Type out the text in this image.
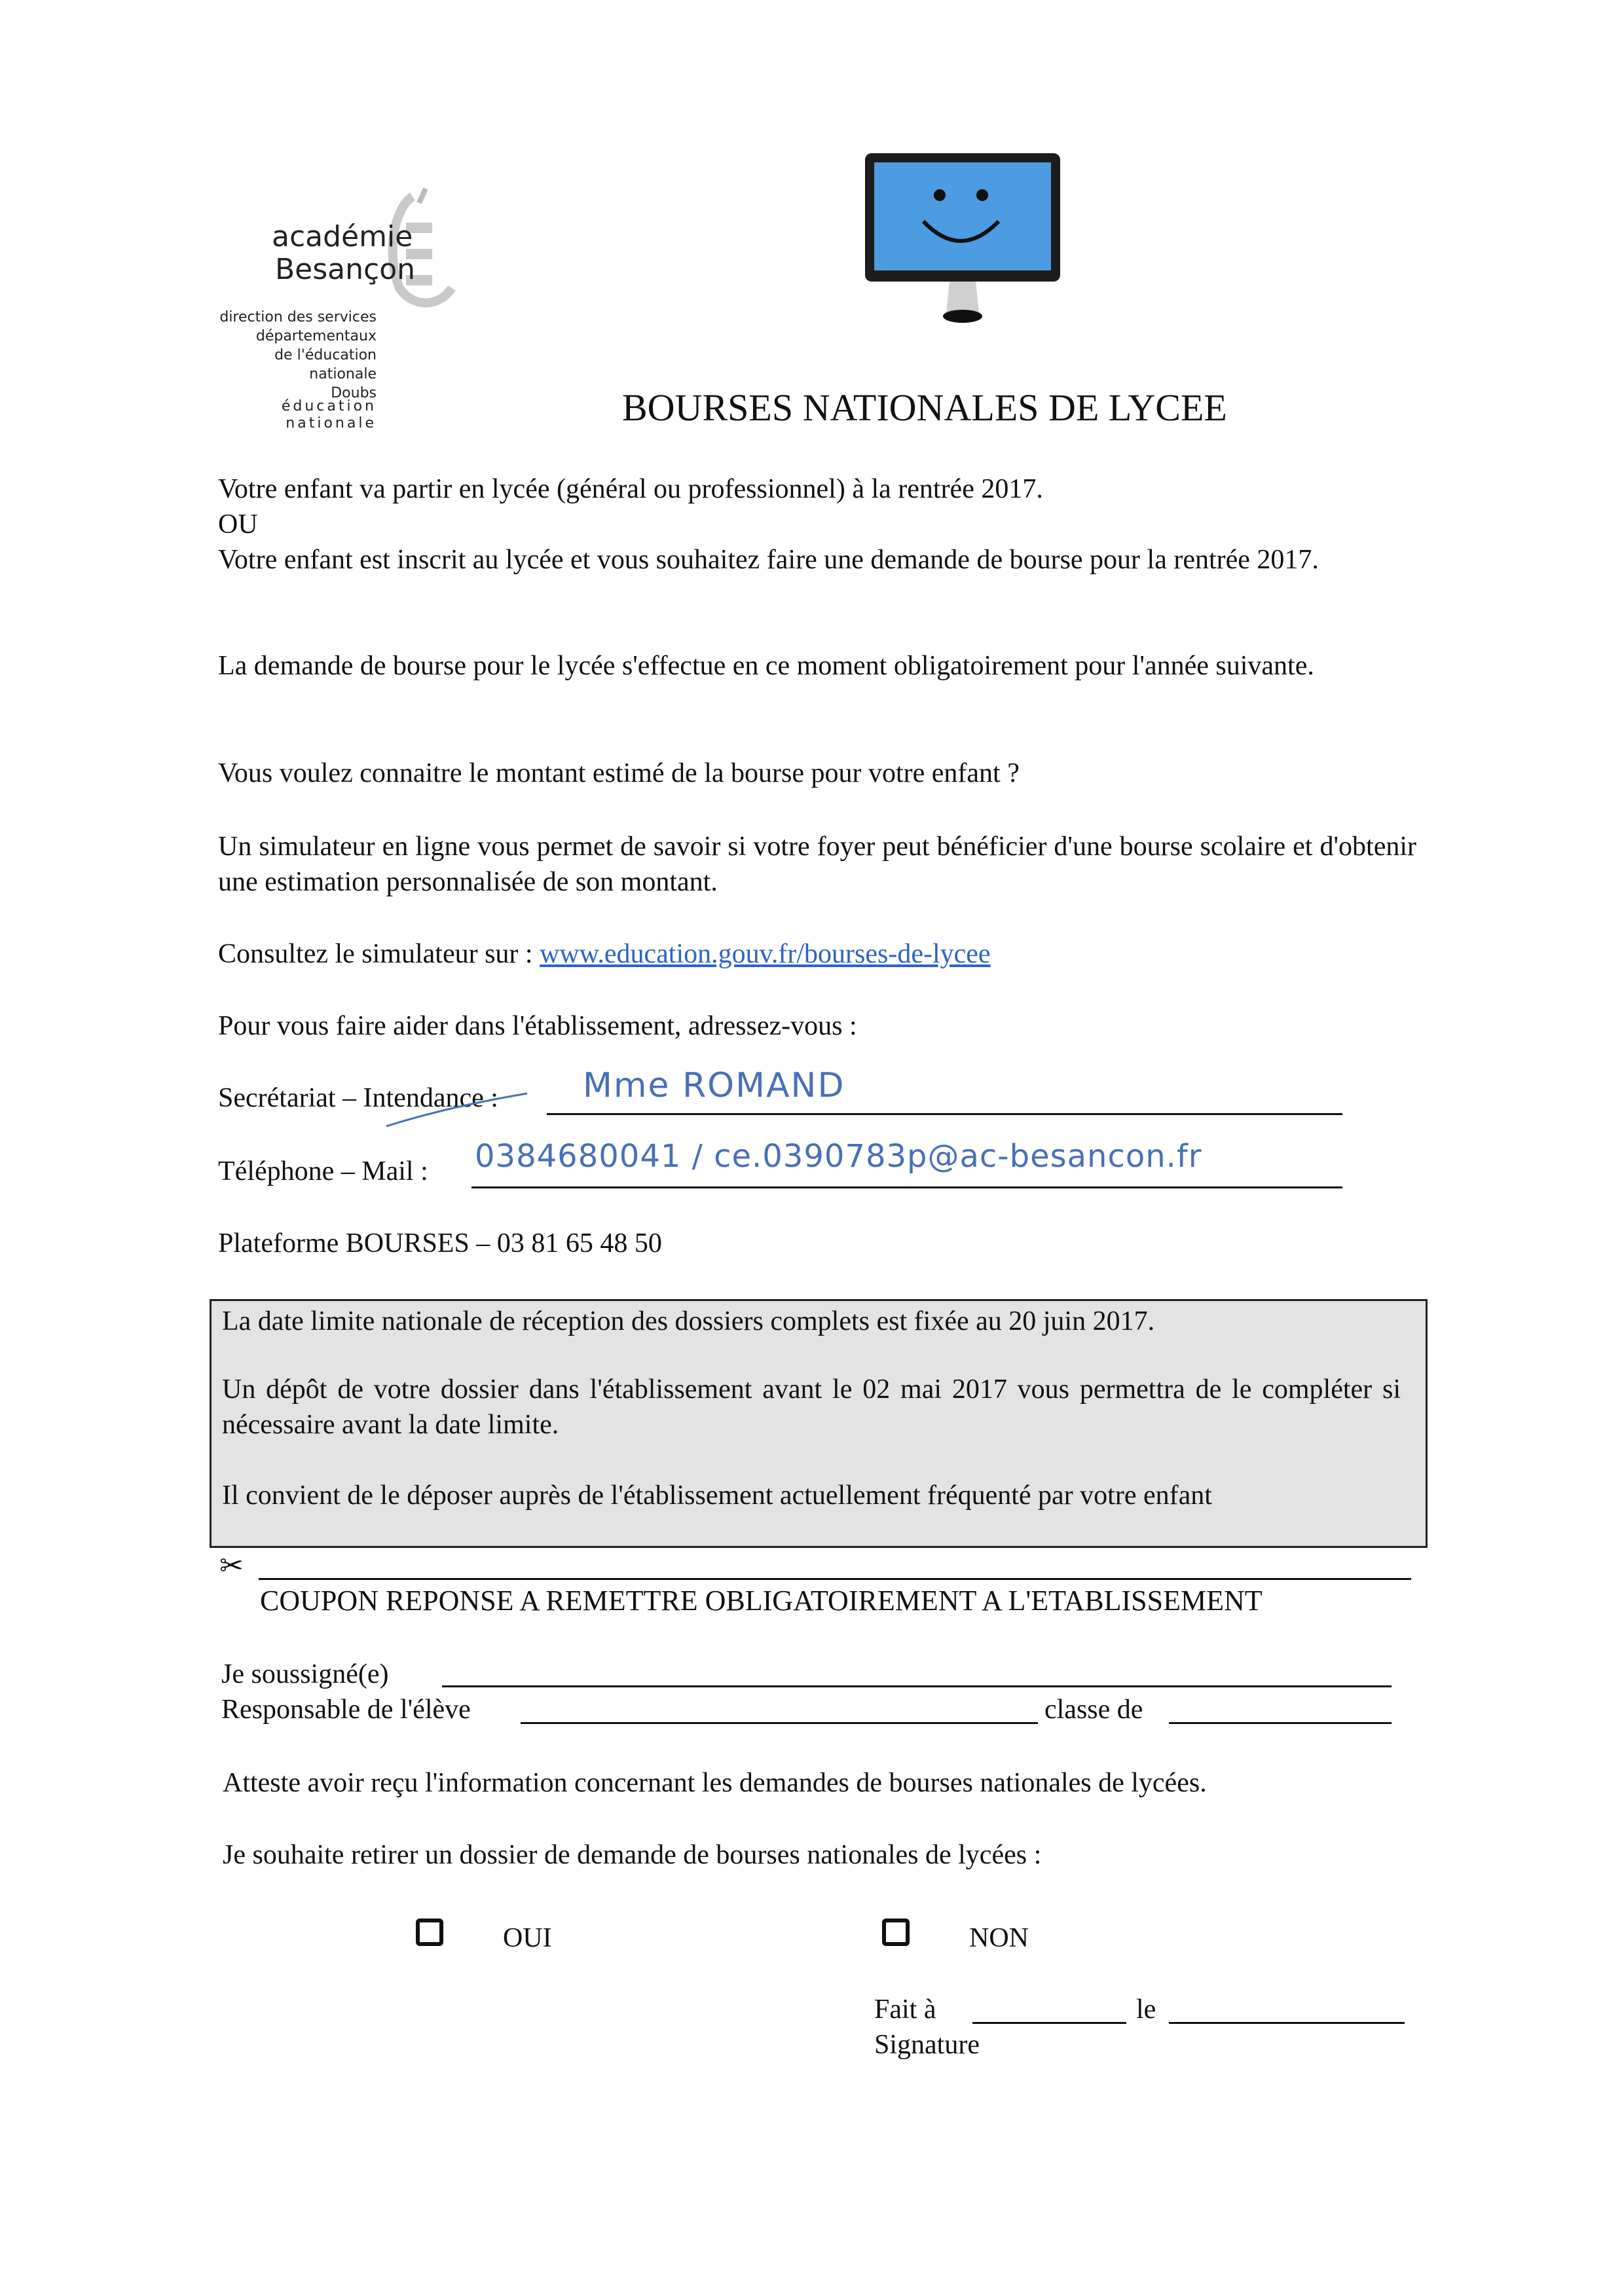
académie
Besançon
direction des services
départementaux
de l'éducation nationale
Doubs
éducation
nationale	BOURSES NATIONALES DE LYCEE
Votre enfant va partir en lycée (général ou professionnel) à la rentrée 2017.
OU
Votre enfant est inscrit au lycée et vous souhaitez faire une demande de bourse pour la rentrée 2017.
La demande de bourse pour le lycée s'effectue en ce moment obligatoirement pour l'année suivante.
Vous voulez connaitre le montant estimé de la bourse pour votre enfant ?
Un simulateur en ligne vous permet de savoir si votre foyer peut bénéficier d'une bourse scolaire et d'obtenir une estimation personnalisée de son montant.
Consultez le simulateur sur : www.education.gouv.fr/bourses-de-lycee
Pour vous faire aider dans l'établissement, adressez-vous :
Secrétariat – Intendance : Mme ROMAND
Téléphone – Mail : 0384680041 / ce.0390783p@ac-besancon.fr
Plateforme BOURSES – 03 81 65 48 50
La date limite nationale de réception des dossiers complets est fixée au 20 juin 2017.
Un dépôt de votre dossier dans l'établissement avant le 02 mai 2017 vous permettra de le compléter si nécessaire avant la date limite.
Il convient de le déposer auprès de l'établissement actuellement fréquenté par votre enfant
✂
COUPON REPONSE A REMETTRE OBLIGATOIREMENT A L'ETABLISSEMENT
Je soussigné(e)
Responsable de l'élève	classe de
Atteste avoir reçu l'information concernant les demandes de bourses nationales de lycées.
Je souhaite retirer un dossier de demande de bourses nationales de lycées :
OUI	NON
Fait à	le
Signature
